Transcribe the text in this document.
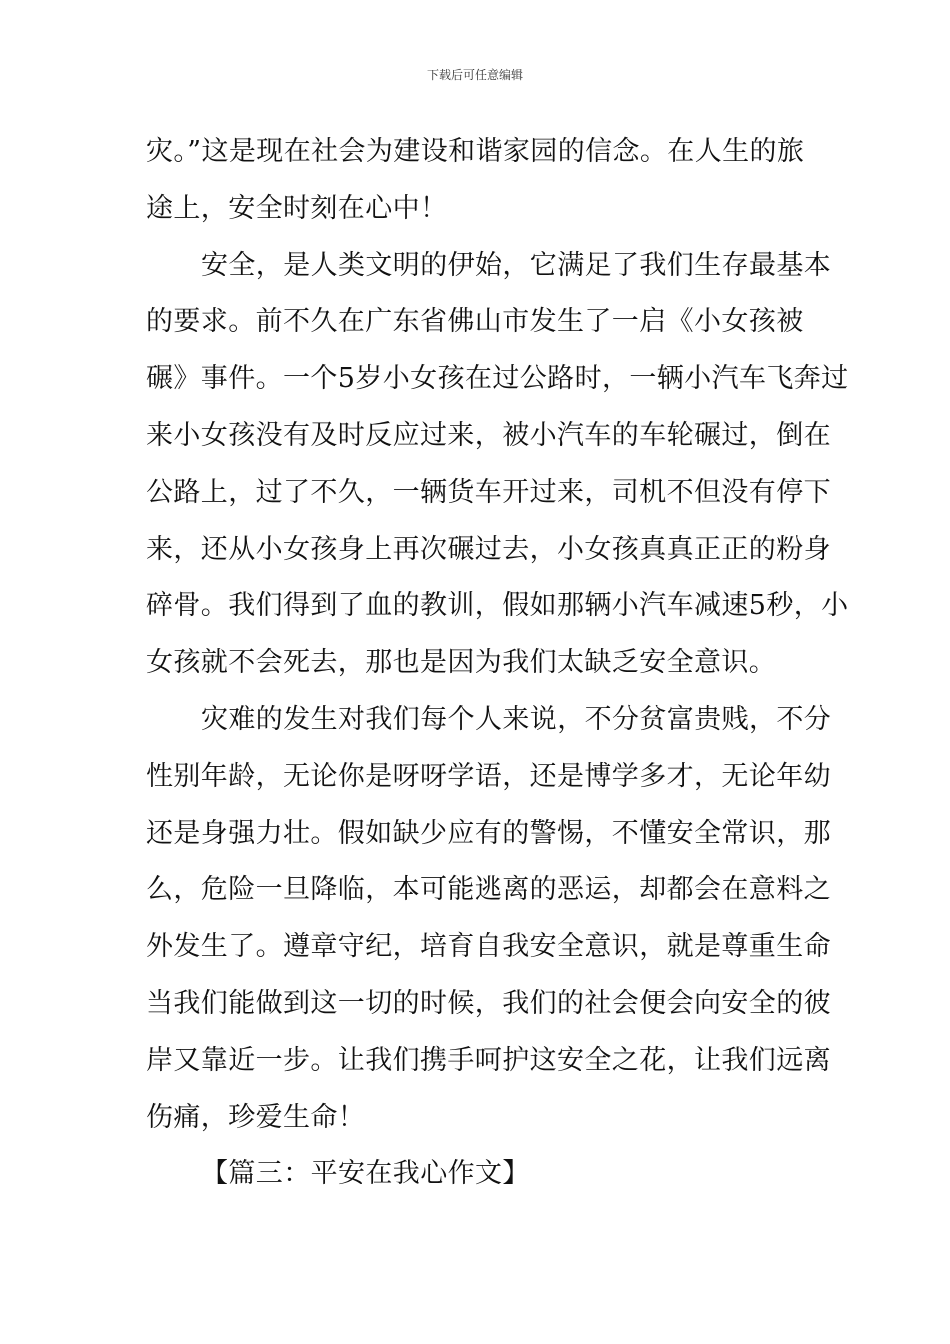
下载后可任意编辑
灾。”这是现在社会为建设和谐家园的信念。在人生的旅
途上，安全时刻在心中！
安全，是人类文明的伊始，它满足了我们生存最基本
的要求。前不久在广东省佛山市发生了一启《小女孩被
碾》事件。一个5岁小女孩在过公路时，一辆小汽车飞奔过
来小女孩没有及时反应过来，被小汽车的车轮碾过，倒在
公路上，过了不久，一辆货车开过来，司机不但没有停下
来，还从小女孩身上再次碾过去，小女孩真真正正的粉身
碎骨。我们得到了血的教训，假如那辆小汽车减速5秒，小
女孩就不会死去，那也是因为我们太缺乏安全意识。
灾难的发生对我们每个人来说，不分贫富贵贱，不分
性别年龄，无论你是呀呀学语，还是博学多才，无论年幼
还是身强力壮。假如缺少应有的警惕，不懂安全常识，那
么，危险一旦降临，本可能逃离的恶运，却都会在意料之
外发生了。遵章守纪，培育自我安全意识，就是尊重生命
当我们能做到这一切的时候，我们的社会便会向安全的彼
岸又靠近一步。让我们携手呵护这安全之花，让我们远离
伤痛，珍爱生命！
【篇三：平安在我心作文】
